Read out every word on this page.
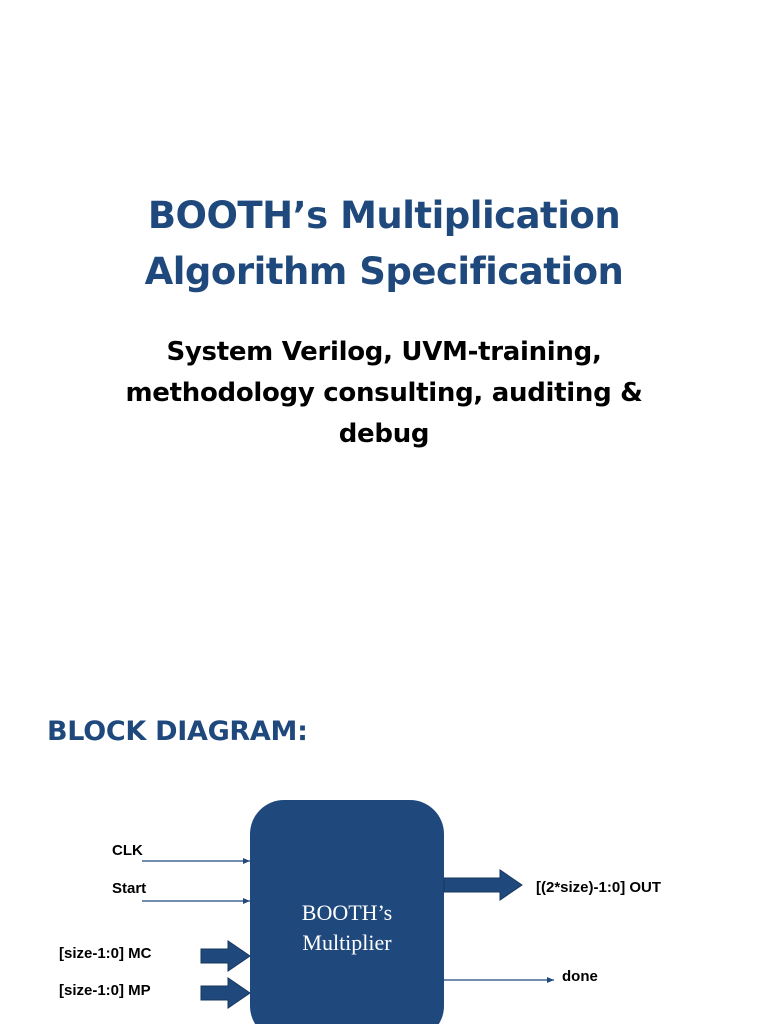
BOOTH’s Multiplication
Algorithm Specification
System Verilog, UVM-training, methodology consulting, auditing & debug
BLOCK DIAGRAM:
BOOTH’s
Multiplier
CLK
Start
[size-1:0] MC
[size-1:0] MP
[(2*size)-1:0] OUT
done
